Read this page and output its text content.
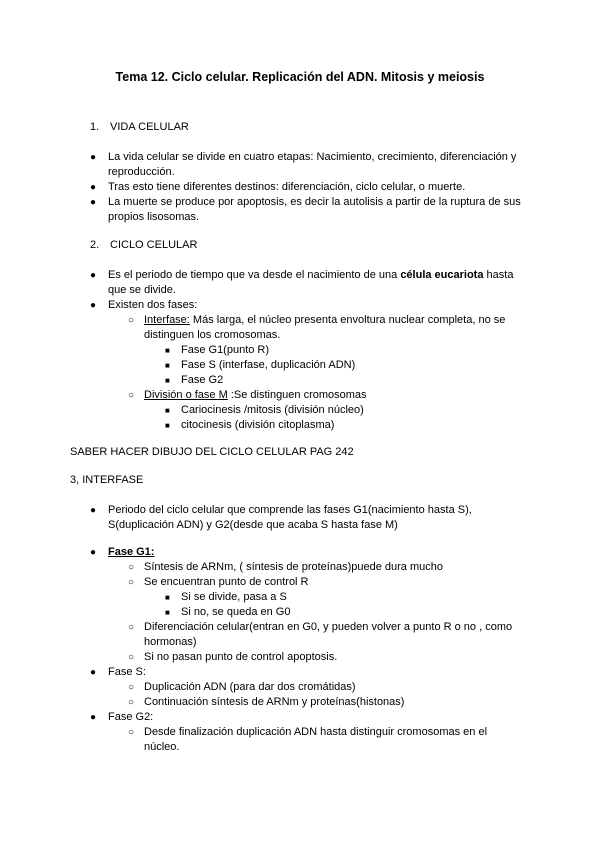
Tema 12. Ciclo celular. Replicación del ADN. Mitosis y meiosis
1. VIDA CELULAR
●	La vida celular se divide en cuatro etapas: Nacimiento, crecimiento, diferenciación y
reproducción.
●	Tras esto tiene diferentes destinos: diferenciación, ciclo celular, o muerte.
●	La muerte se produce por apoptosis, es decir la autolisis a partir de la ruptura de sus
propios lisosomas.
2. CICLO CELULAR
●	Es el periodo de tiempo que va desde el nacimiento de una célula eucariota hasta
que se divide.
●	Existen dos fases:
○ Interfase: Más larga, el núcleo presenta envoltura nuclear completa, no se
distinguen los cromosomas.
■ Fase G1(punto R)
■ Fase S (interfase, duplicación ADN)
■ Fase G2
○ División o fase M :Se distinguen cromosomas
■ Cariocinesis /mitosis (división núcleo)
■ citocinesis (división citoplasma)
SABER HACER DIBUJO DEL CICLO CELULAR PAG 242
3, INTERFASE
●	Periodo del ciclo celular que comprende las fases G1(nacimiento hasta S),
S(duplicación ADN) y G2(desde que acaba S hasta fase M)
●	Fase G1:
○ Síntesis de ARNm, ( síntesis de proteínas)puede dura mucho
○ Se encuentran punto de control R
■ Si se divide, pasa a S
■ Si no, se queda en G0
○ Diferenciación celular(entran en G0, y pueden volver a punto R o no , como
hormonas)
○ Si no pasan punto de control apoptosis.
●	Fase S:
○ Duplicación ADN (para dar dos cromátidas)
○ Continuación síntesis de ARNm y proteínas(histonas)
●	Fase G2:
○ Desde finalización duplicación ADN hasta distinguir cromosomas en el
núcleo.
